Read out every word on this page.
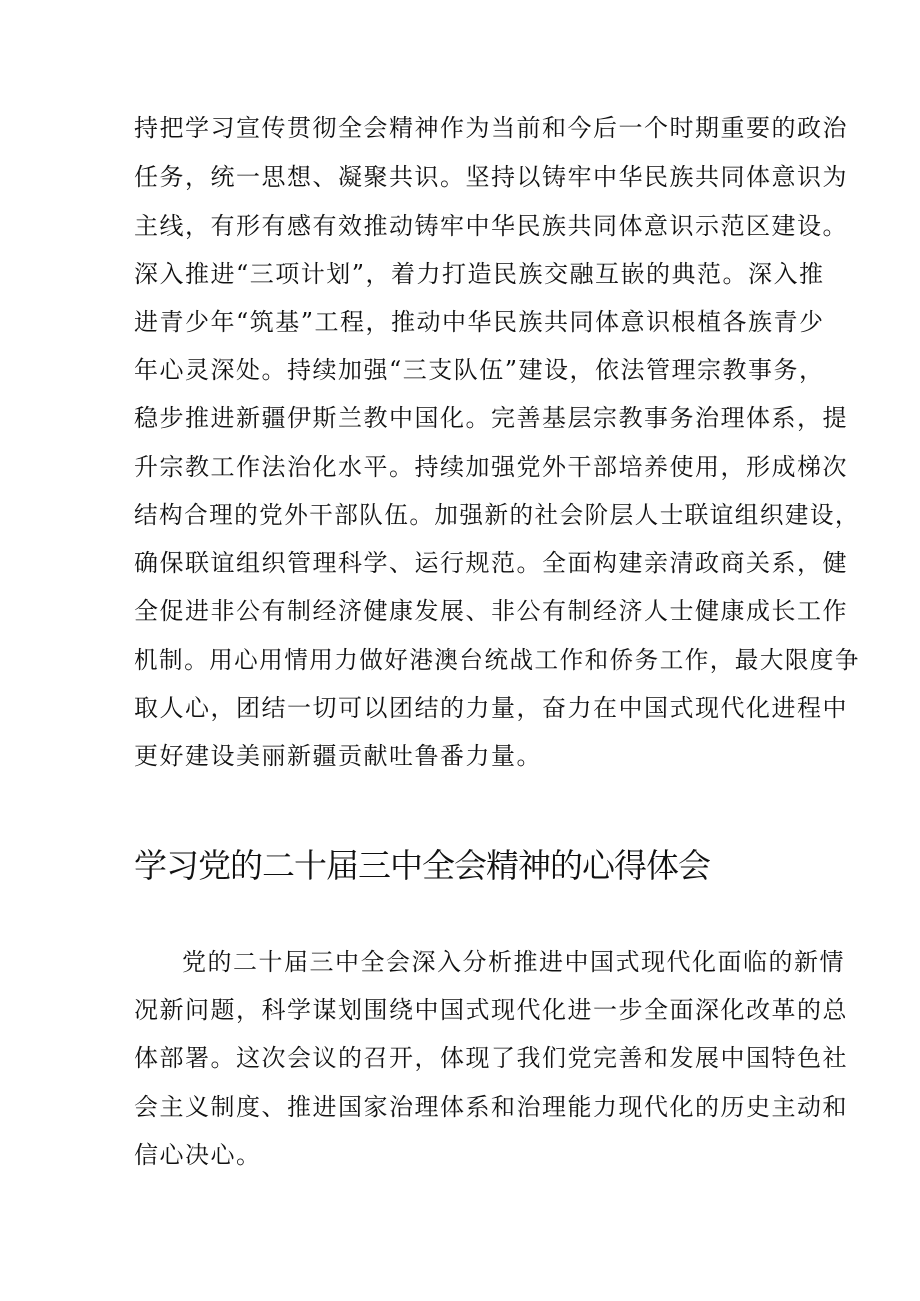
持把学习宣传贯彻全会精神作为当前和今后一个时期重要的政治
任务，统一思想、凝聚共识。坚持以铸牢中华民族共同体意识为
主线，有形有感有效推动铸牢中华民族共同体意识示范区建设。
深入推进“三项计划”，着力打造民族交融互嵌的典范。深入推
进青少年“筑基”工程，推动中华民族共同体意识根植各族青少
年心灵深处。持续加强“三支队伍”建设，依法管理宗教事务，
稳步推进新疆伊斯兰教中国化。完善基层宗教事务治理体系，提
升宗教工作法治化水平。持续加强党外干部培养使用，形成梯次
结构合理的党外干部队伍。加强新的社会阶层人士联谊组织建设，
确保联谊组织管理科学、运行规范。全面构建亲清政商关系，健
全促进非公有制经济健康发展、非公有制经济人士健康成长工作
机制。用心用情用力做好港澳台统战工作和侨务工作，最大限度争
取人心，团结一切可以团结的力量，奋力在中国式现代化进程中
更好建设美丽新疆贡献吐鲁番力量。
学习党的二十届三中全会精神的心得体会
党的二十届三中全会深入分析推进中国式现代化面临的新情
况新问题，科学谋划围绕中国式现代化进一步全面深化改革的总
体部署。这次会议的召开，体现了我们党完善和发展中国特色社
会主义制度、推进国家治理体系和治理能力现代化的历史主动和
信心决心。
